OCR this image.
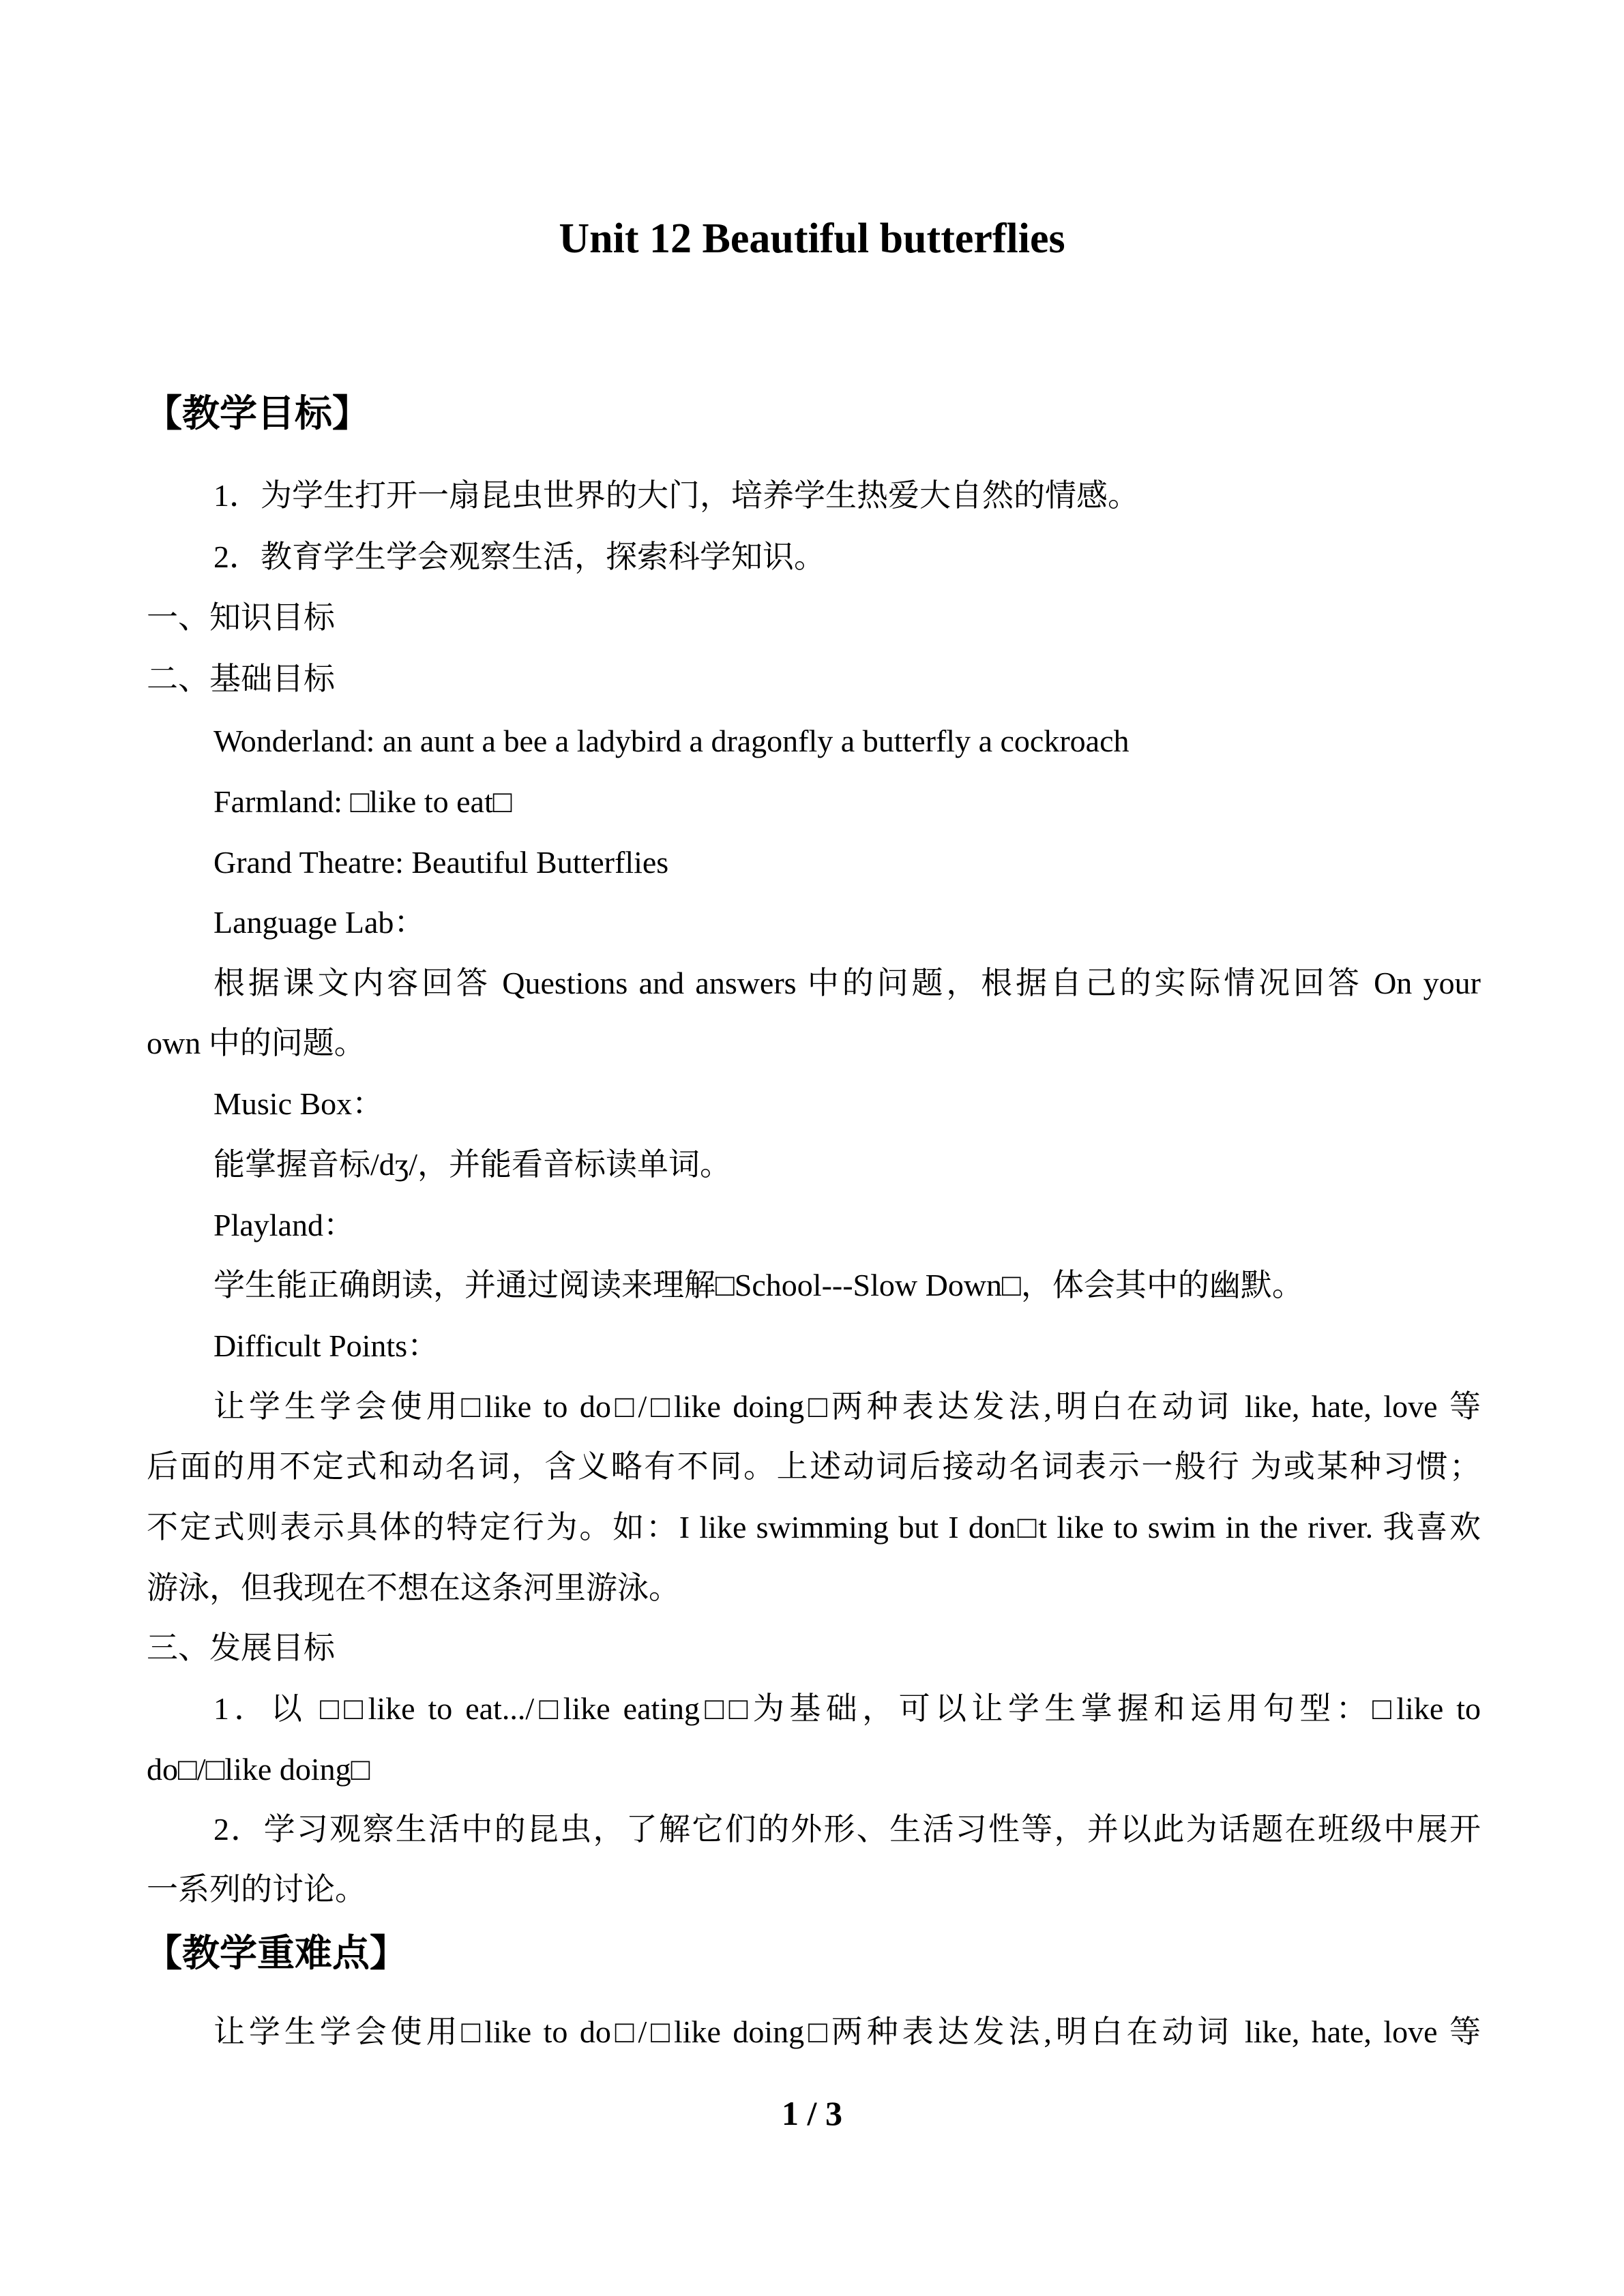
Unit 12 Beautiful butterflies
【教学目标】
1．为学生打开一扇昆虫世界的大门，培养学生热爱大自然的情感。
2．教育学生学会观察生活，探索科学知识。
一、知识目标
二、基础目标
Wonderland: an aunt a bee a ladybird a dragonfly a butterfly a cockroach
Farmland: □like to eat□
Grand Theatre: Beautiful Butterflies
Language Lab：
根据课文内容回答 Questions and answers 中的问题，根据自己的实际情况回答 On your
own 中的问题。
Music Box：
能掌握音标/dʒ/，并能看音标读单词。
Playland：
学生能正确朗读，并通过阅读来理解□School---Slow Down□，体会其中的幽默。
Difficult Points：
让学生学会使用□like to do□/□like doing□两种表达发法,明白在动词 like, hate, love 等
后面的用不定式和动名词，含义略有不同。上述动词后接动名词表示一般行 为或某种习惯；
不定式则表示具体的特定行为。如：I like swimming but I don□t like to swim in the river. 我喜欢
游泳，但我现在不想在这条河里游泳。
三、发展目标
1．以 □□like to eat.../□like eating□□为基础，可以让学生掌握和运用句型：□like to
do□/□like doing□
2．学习观察生活中的昆虫，了解它们的外形、生活习性等，并以此为话题在班级中展开
一系列的讨论。
【教学重难点】
让学生学会使用□like to do□/□like doing□两种表达发法,明白在动词 like, hate, love 等
1 / 3
